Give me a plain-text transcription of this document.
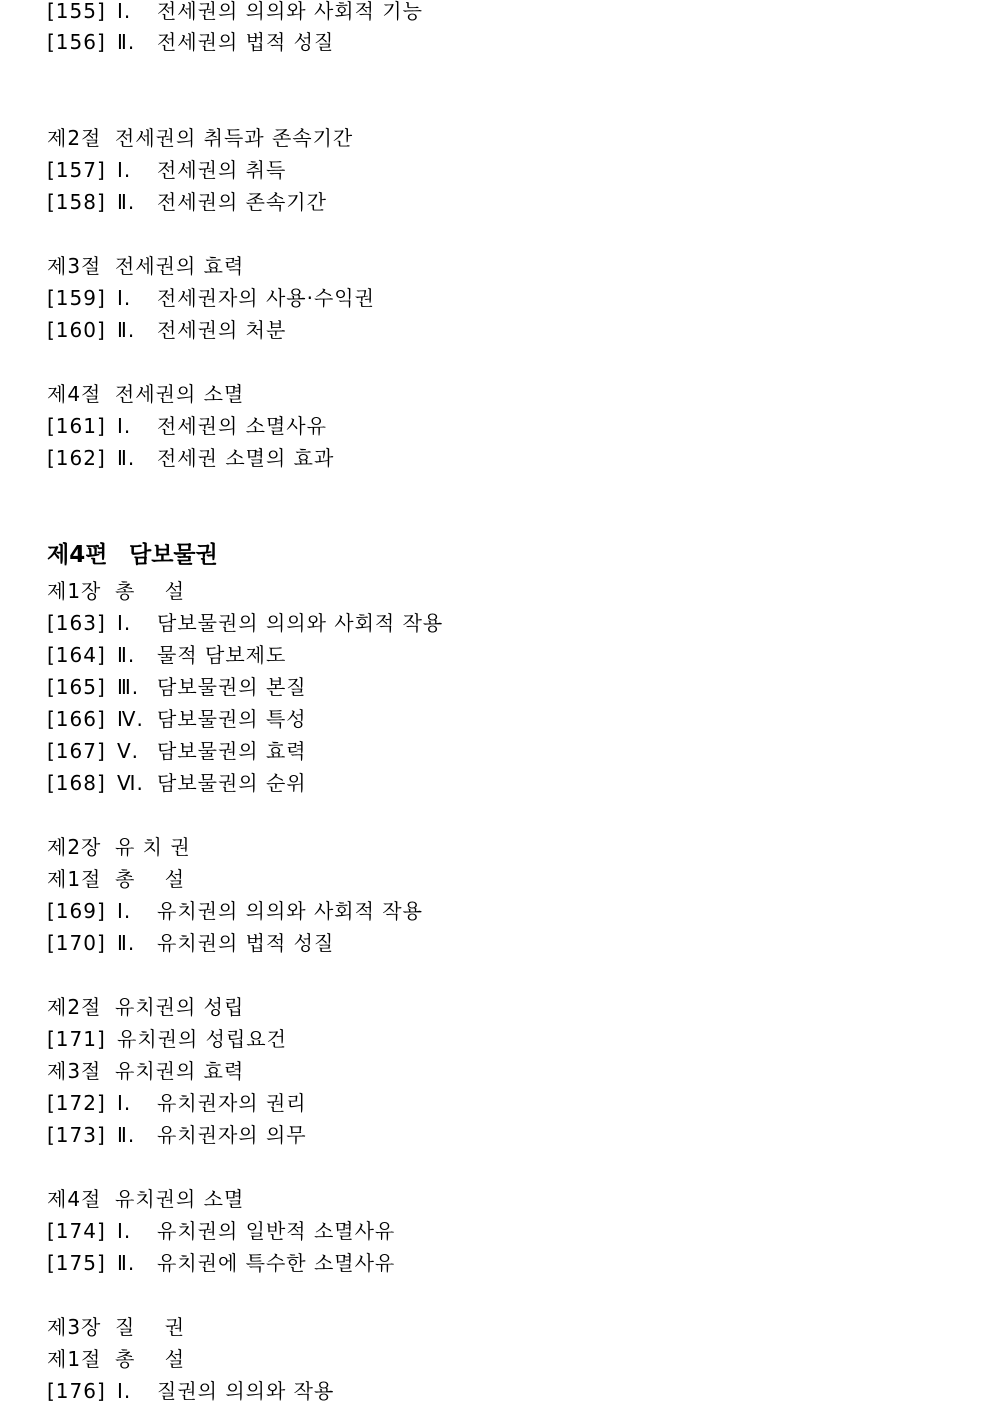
[155] Ⅰ. 전세권의 의의와 사회적 기능
[156] Ⅱ. 전세권의 법적 성질
제2절 전세권의 취득과 존속기간
[157] Ⅰ. 전세권의 취득
[158] Ⅱ. 전세권의 존속기간
제3절 전세권의 효력
[159] Ⅰ. 전세권자의 사용·수익권
[160] Ⅱ. 전세권의 처분
제4절 전세권의 소멸
[161] Ⅰ. 전세권의 소멸사유
[162] Ⅱ. 전세권 소멸의 효과
제4편 담보물권
제1장 총    설
[163] Ⅰ. 담보물권의 의의와 사회적 작용
[164] Ⅱ. 물적 담보제도
[165] Ⅲ. 담보물권의 본질
[166] Ⅳ. 담보물권의 특성
[167] Ⅴ. 담보물권의 효력
[168] Ⅵ. 담보물권의 순위
제2장 유 치 권
제1절 총    설
[169] Ⅰ. 유치권의 의의와 사회적 작용
[170] Ⅱ. 유치권의 법적 성질
제2절 유치권의 성립
[171] 유치권의 성립요건
제3절 유치권의 효력
[172] Ⅰ. 유치권자의 권리
[173] Ⅱ. 유치권자의 의무
제4절 유치권의 소멸
[174] Ⅰ. 유치권의 일반적 소멸사유
[175] Ⅱ. 유치권에 특수한 소멸사유
제3장 질    권
제1절 총    설
[176] Ⅰ. 질권의 의의와 작용
